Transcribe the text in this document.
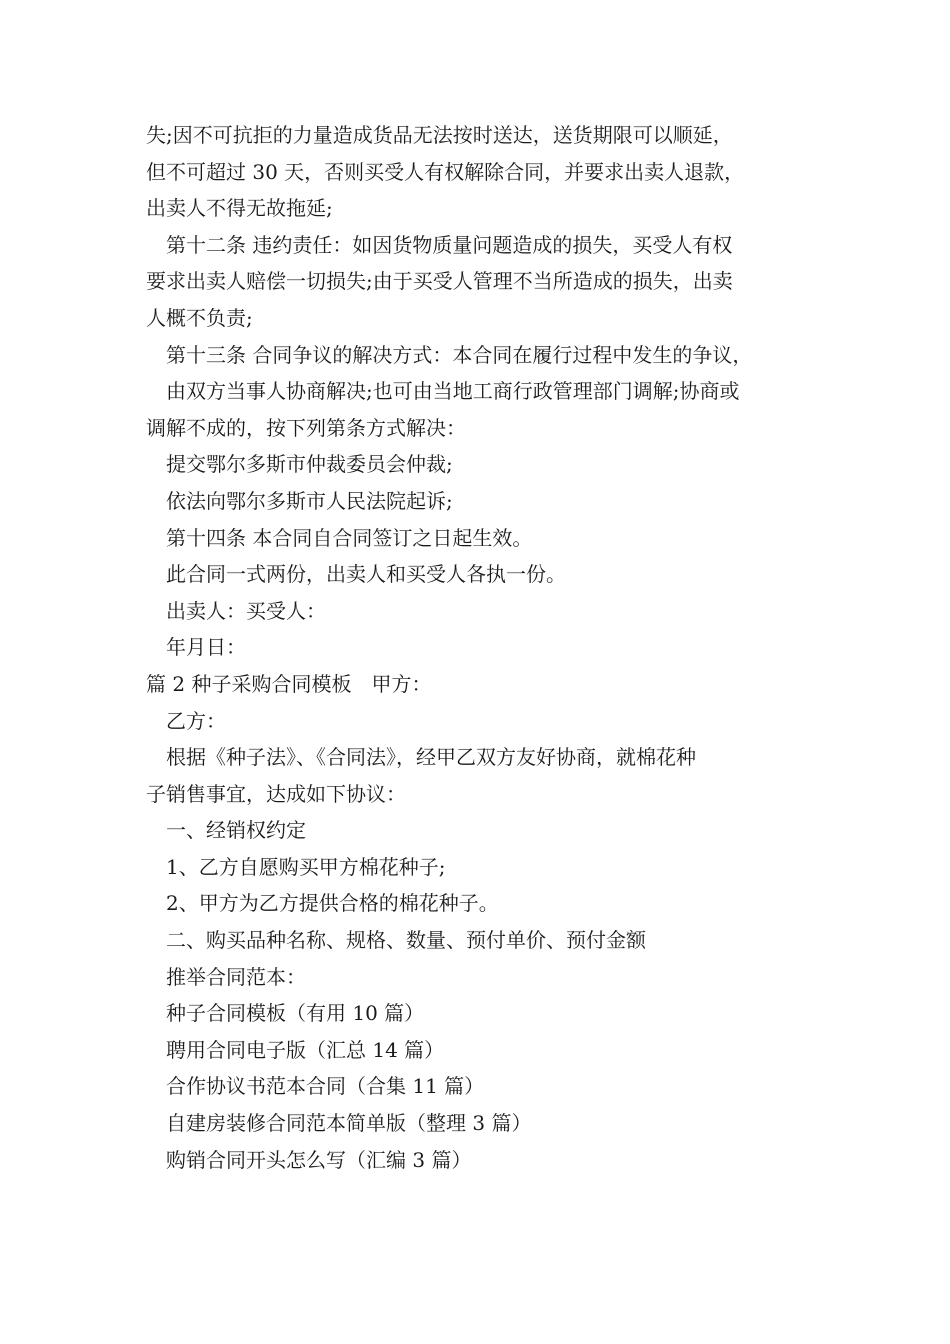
失;因不可抗拒的力量造成货品无法按时送达，送货期限可以顺延，
但不可超过 30 天，否则买受人有权解除合同，并要求出卖人退款，
出卖人不得无故拖延;
第十二条 违约责任：如因货物质量问题造成的损失，买受人有权
要求出卖人赔偿一切损失;由于买受人管理不当所造成的损失，出卖
人概不负责;
第十三条 合同争议的解决方式：本合同在履行过程中发生的争议，
由双方当事人协商解决;也可由当地工商行政管理部门调解;协商或
调解不成的，按下列第条方式解决：
提交鄂尔多斯市仲裁委员会仲裁;
依法向鄂尔多斯市人民法院起诉;
第十四条 本合同自合同签订之日起生效。
此合同一式两份，出卖人和买受人各执一份。
出卖人：买受人：
年月日：
篇 2 种子采购合同模板　甲方：
乙方：
根据《种子法》、《合同法》，经甲乙双方友好协商，就棉花种
子销售事宜，达成如下协议：
一、经销权约定
1、乙方自愿购买甲方棉花种子;
2、甲方为乙方提供合格的棉花种子。
二、购买品种名称、规格、数量、预付单价、预付金额
推举合同范本：
种子合同模板（有用 10 篇）
聘用合同电子版（汇总 14 篇）
合作协议书范本合同（合集 11 篇）
自建房装修合同范本简单版（整理 3 篇）
购销合同开头怎么写（汇编 3 篇）
